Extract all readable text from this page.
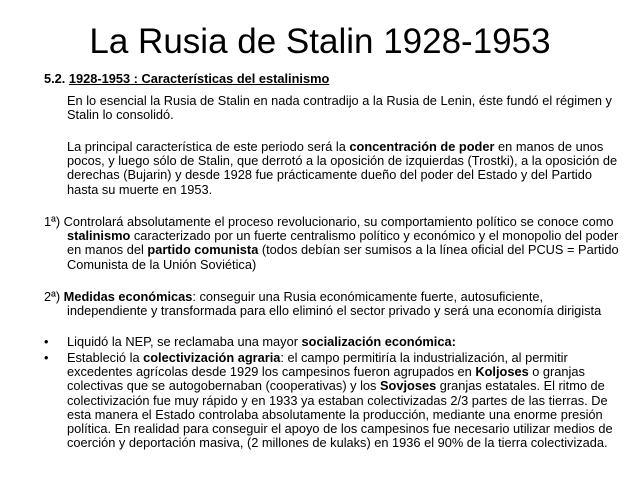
La Rusia de Stalin 1928-1953
5.2. 1928-1953 : Características del estalinismo
En lo esencial la Rusia de Stalin en nada contradijo a la Rusia de Lenin, éste fundó el régimen y Stalin lo consolidó.
La principal característica de este periodo será la concentración de poder en manos de unos pocos, y luego sólo de Stalin, que derrotó a la oposición de izquierdas (Trostki), a la oposición de derechas (Bujarin) y desde 1928 fue prácticamente dueño del poder del Estado y del Partido hasta su muerte en 1953.
1ª) Controlará absolutamente el proceso revolucionario, su comportamiento político se conoce como stalinismo caracterizado por un fuerte centralismo político y económico y el monopolio del poder en manos del partido comunista (todos debían ser sumisos a la línea oficial del PCUS = Partido Comunista de la Unión Soviética)
2ª) Medidas económicas: conseguir una Rusia económicamente fuerte, autosuficiente, independiente y transformada para ello eliminó el sector privado y será una economía dirigista
•	Liquidó la NEP, se reclamaba una mayor socialización económica:
•	Estableció la colectivización agraria: el campo permitiría la industrialización, al permitir excedentes agrícolas desde 1929 los campesinos fueron agrupados en Koljoses o granjas colectivas que se autogobernaban (cooperativas) y los Sovjoses granjas estatales. El ritmo de colectivización fue muy rápido y en 1933 ya estaban colectivizadas 2/3 partes de las tierras. De esta manera el Estado controlaba absolutamente la producción, mediante una enorme presión política. En realidad para conseguir el apoyo de los campesinos fue necesario utilizar medios de coerción y deportación masiva, (2 millones de kulaks) en 1936 el 90% de la tierra colectivizada.
